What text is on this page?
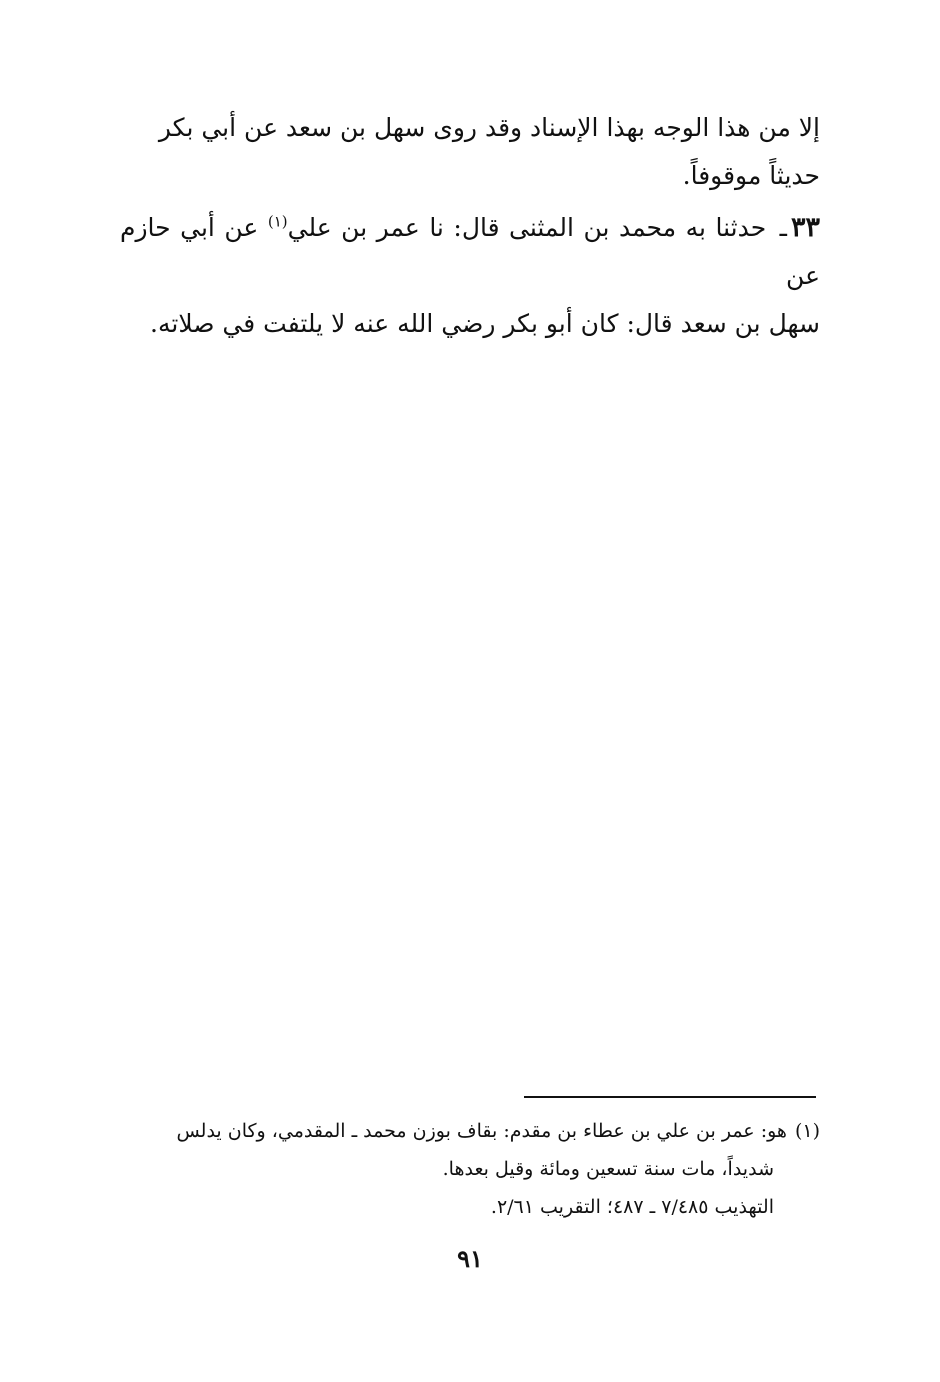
إلا من هذا الوجه بهذا الإسناد وقد روى سهل بن سعد عن أبي بكر
حديثاً موقوفاً.

٣٣ـ حدثنا به محمد بن المثنى قال: نا عمر بن علي$^{(١)}$ عن أبي حازم عن
سهل بن سعد قال: كان أبو بكر رضي الله عنه لا يلتفت في صلاته.

(١)هو: عمر بن علي بن عطاء بن مقدم: بقاف بوزن محمد ـ المقدمي، وكان يدلس
شديداً، مات سنة تسعين ومائة وقيل بعدها.
التهذيب ٧/٤٨٥ ـ ٤٨٧؛ التقريب ٢/٦١.
٩١
